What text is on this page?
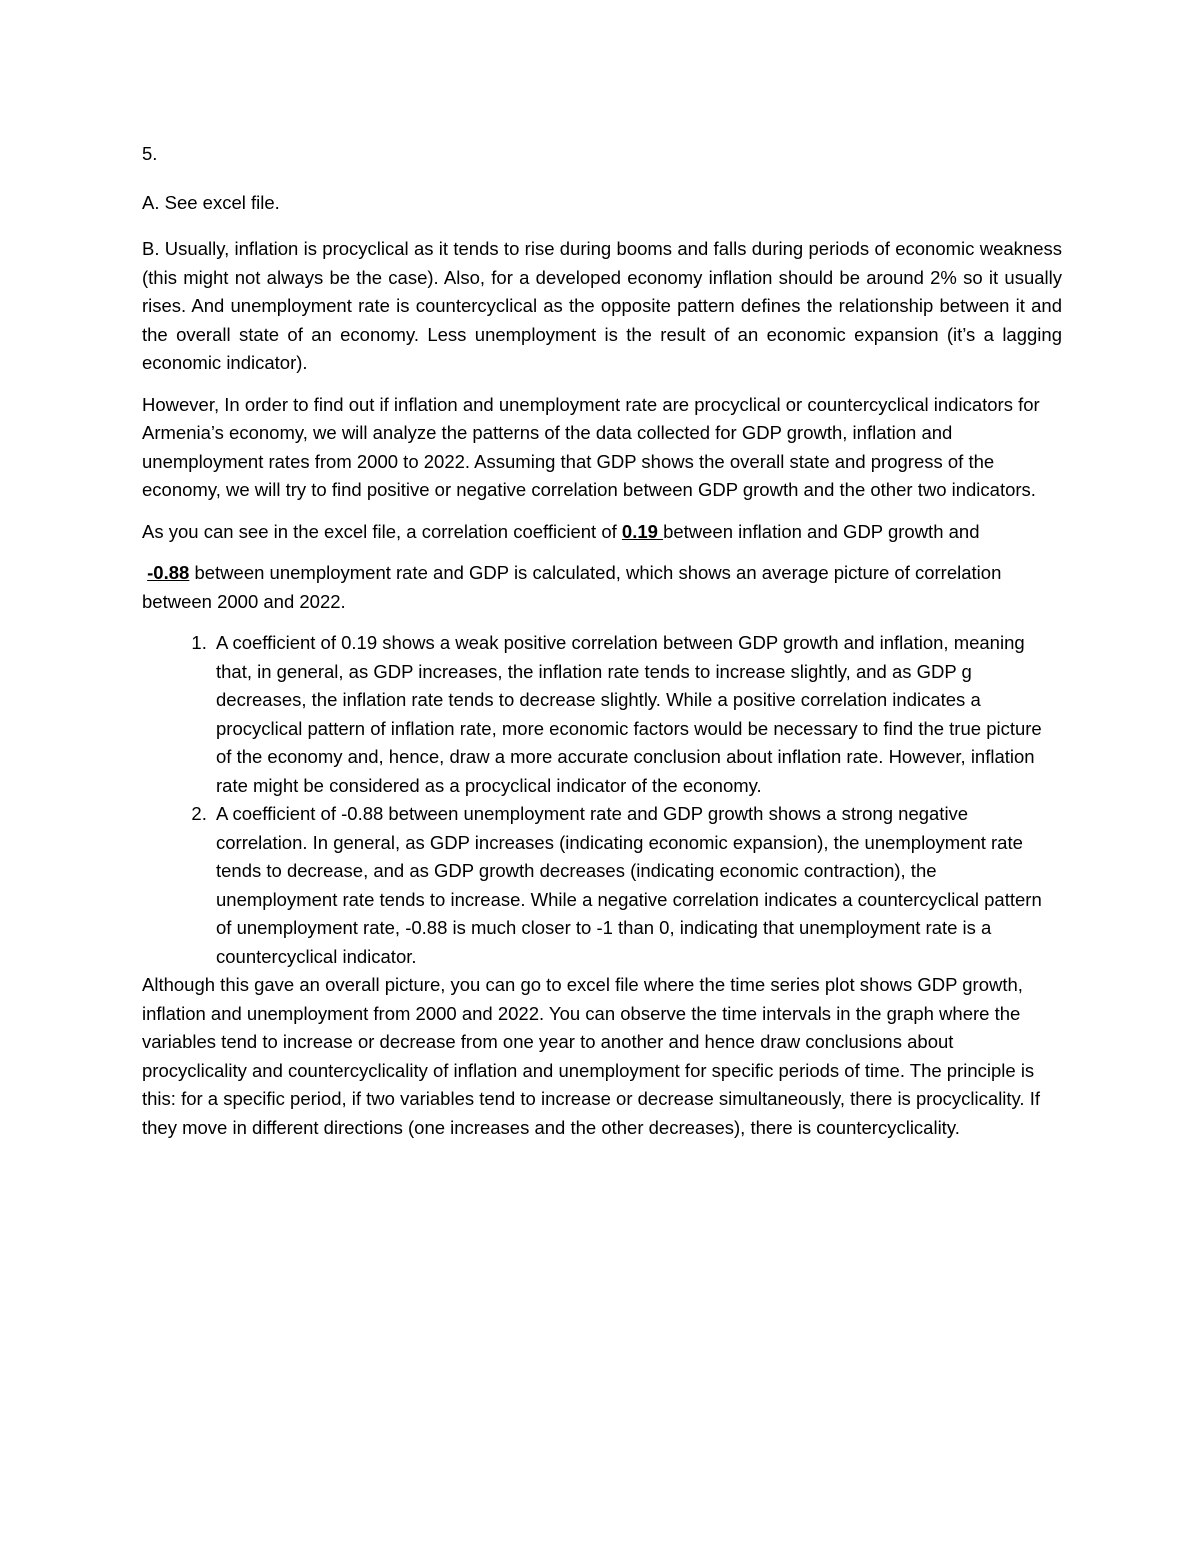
5.

A. See excel file.

B. Usually, inflation is procyclical as it tends to rise during booms and falls during periods of economic weakness (this might not always be the case). Also, for a developed economy inflation should be around 2% so it usually rises. And unemployment rate is countercyclical as the opposite pattern defines the relationship between it and the overall state of an economy. Less unemployment is the result of an economic expansion (it’s a lagging economic indicator).

However, In order to find out if inflation and unemployment rate are procyclical or countercyclical indicators for Armenia’s economy, we will analyze the patterns of the data collected for GDP growth, inflation and unemployment rates from 2000 to 2022. Assuming that GDP shows the overall state and progress of the economy, we will try to find positive or negative correlation between GDP growth and the other two indicators.

As you can see in the excel file, a correlation coefficient of 0.19 between inflation and GDP growth and

-0.88 between unemployment rate and GDP is calculated, which shows an average picture of correlation between 2000 and 2022.

1. A coefficient of 0.19 shows a weak positive correlation between GDP growth and inflation, meaning that, in general, as GDP increases, the inflation rate tends to increase slightly, and as GDP g decreases, the inflation rate tends to decrease slightly. While a positive correlation indicates a procyclical pattern of inflation rate, more economic factors would be necessary to find the true picture of the economy and, hence, draw a more accurate conclusion about inflation rate. However, inflation rate might be considered as a procyclical indicator of the economy.
2. A coefficient of -0.88 between unemployment rate and GDP growth shows a strong negative correlation. In general, as GDP increases (indicating economic expansion), the unemployment rate tends to decrease, and as GDP growth decreases (indicating economic contraction), the unemployment rate tends to increase. While a negative correlation indicates a countercyclical pattern of unemployment rate, -0.88 is much closer to -1 than 0, indicating that unemployment rate is a countercyclical indicator.

Although this gave an overall picture, you can go to excel file where the time series plot shows GDP growth, inflation and unemployment from 2000 and 2022. You can observe the time intervals in the graph where the variables tend to increase or decrease from one year to another and hence draw conclusions about procyclicality and countercyclicality of inflation and unemployment for specific periods of time. The principle is this: for a specific period, if two variables tend to increase or decrease simultaneously, there is procyclicality. If they move in different directions (one increases and the other decreases), there is countercyclicality.
